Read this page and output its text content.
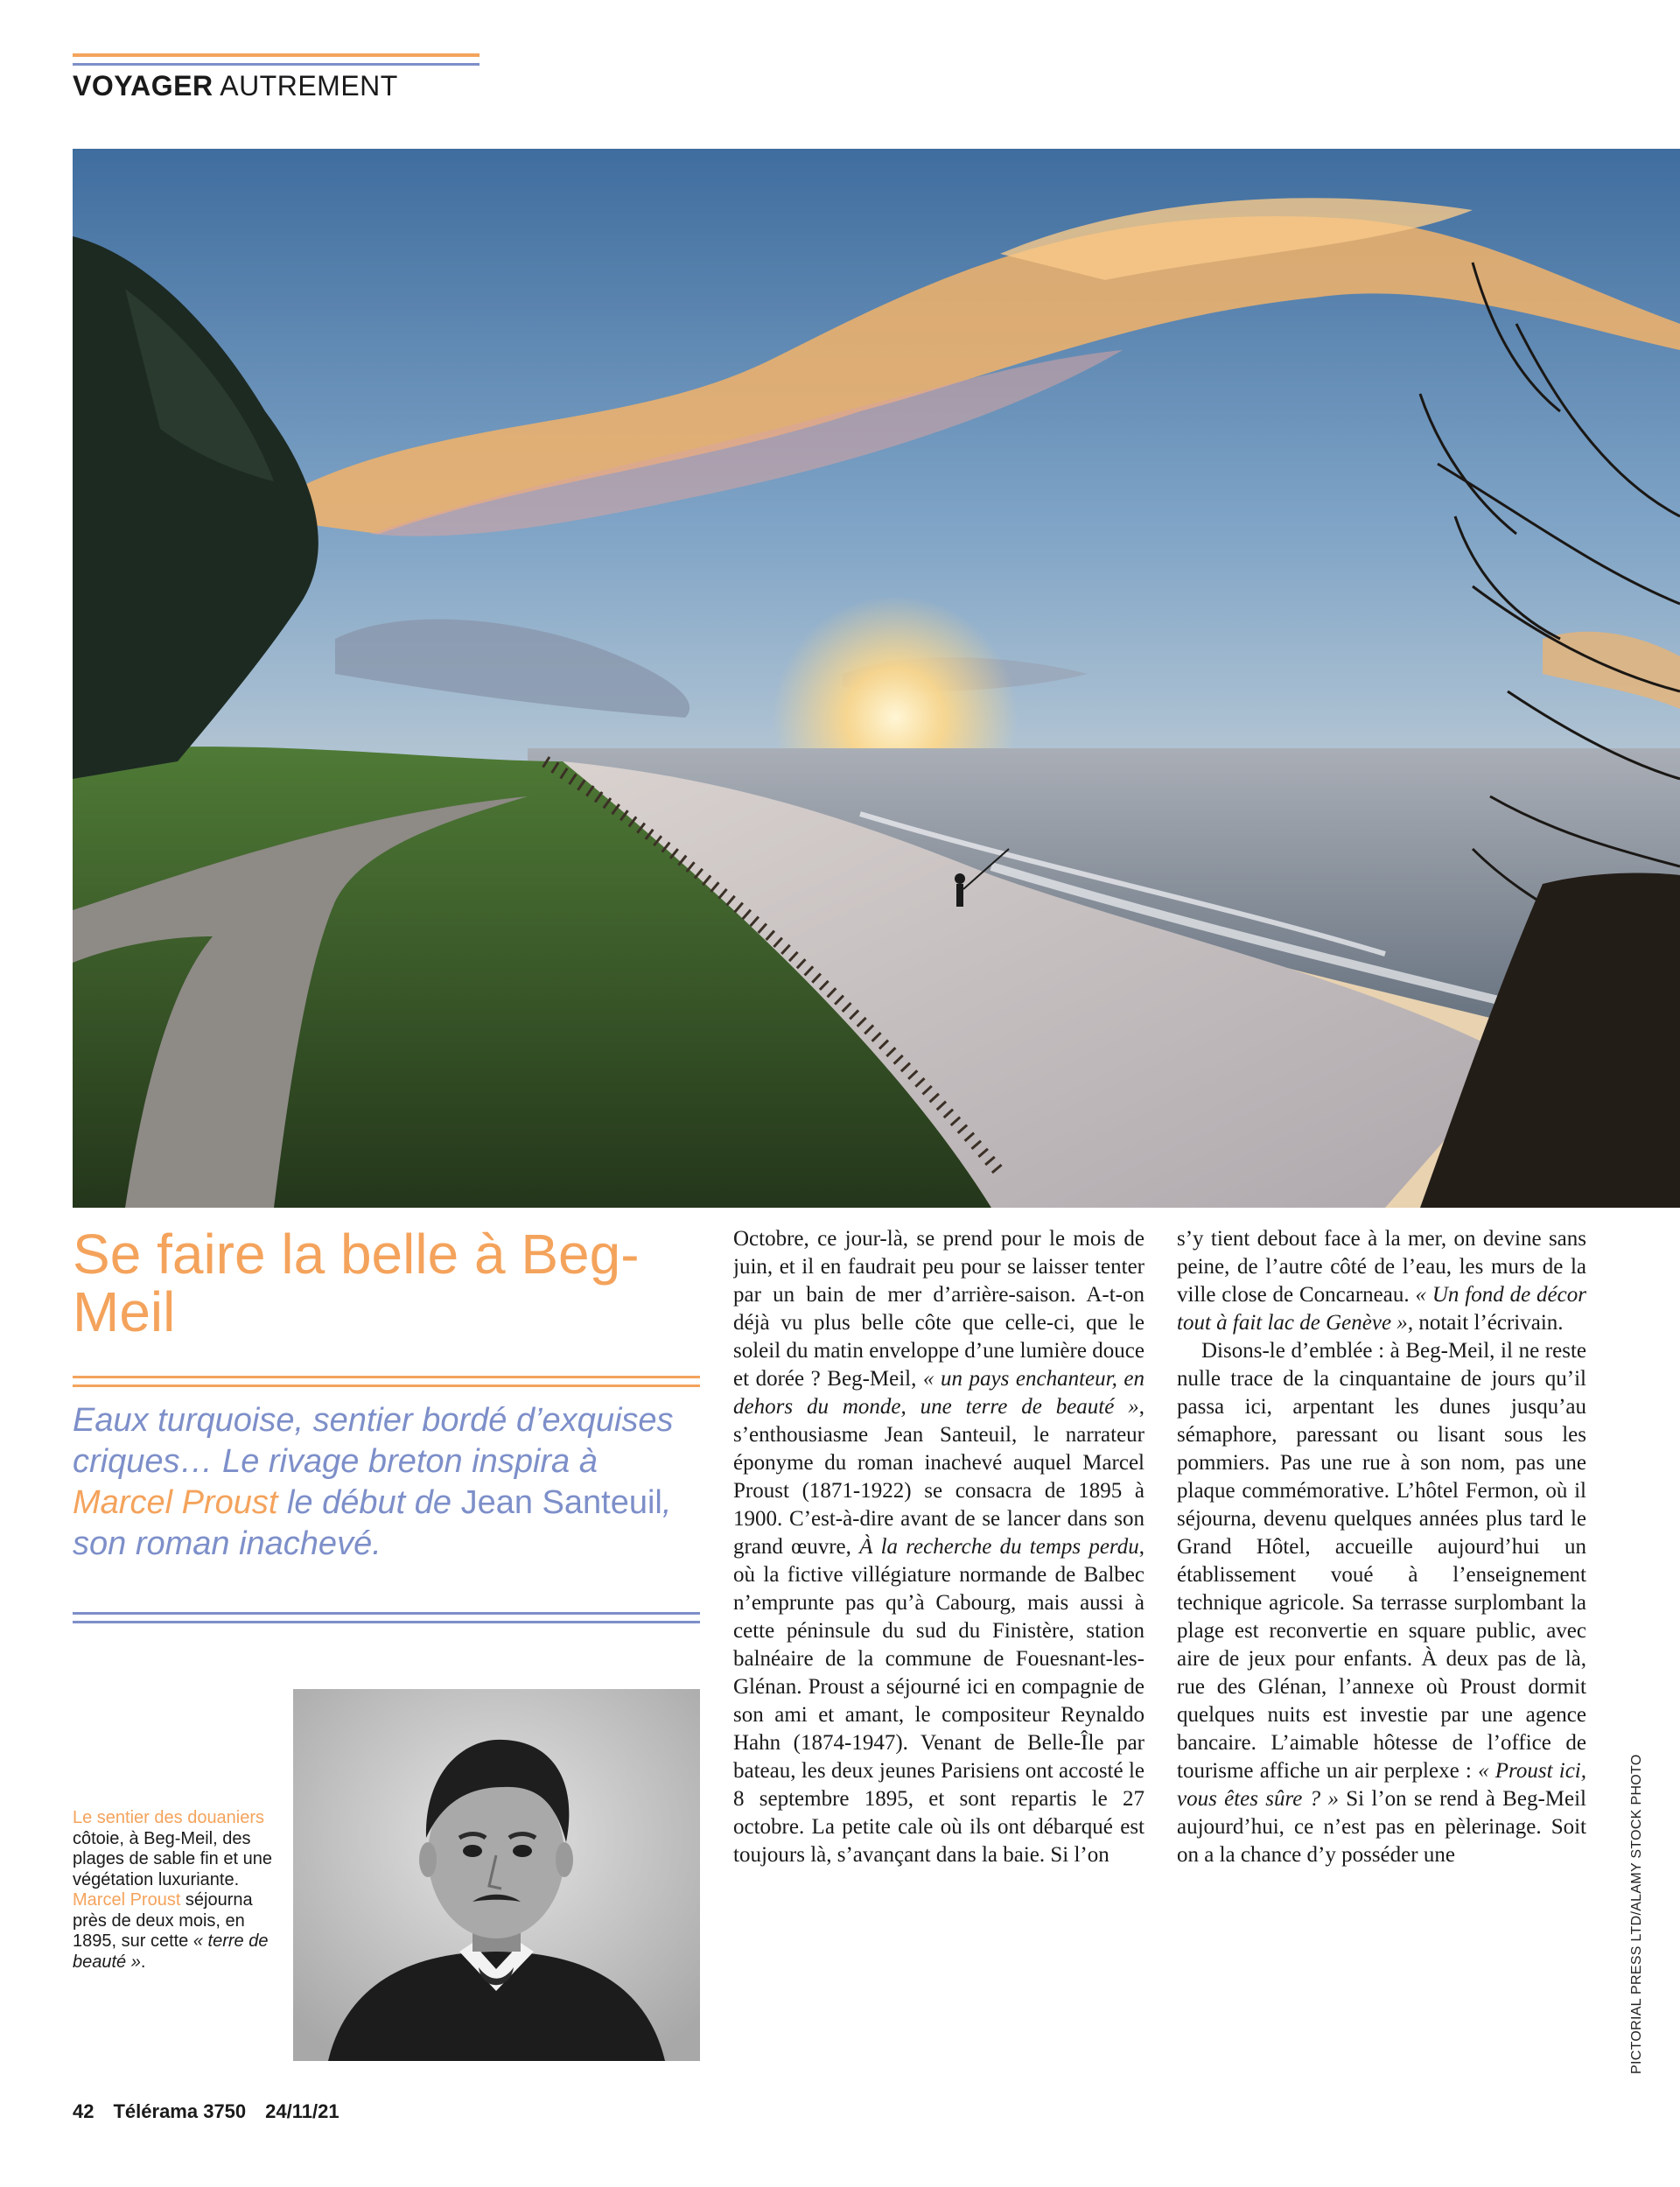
VOYAGER AUTREMENT
Se faire la belle à Beg-Meil

Eaux turquoise, sentier bordé d’exquises criques… Le rivage breton inspira à Marcel Proust le début de Jean Santeuil, son roman inachevé.

Le sentier des douaniers côtoie, à Beg-Meil, des plages de sable fin et une végétation luxuriante. Marcel Proust séjourna près de deux mois, en 1895, sur cette « terre de beauté ».

Octobre, ce jour-là, se prend pour le mois de juin, et il en faudrait peu pour se laisser tenter par un bain de mer d’arrière-saison. A-t-on déjà vu plus belle côte que celle-ci, que le soleil du matin enveloppe d’une lumière douce et dorée ? Beg-Meil, « un pays enchanteur, en dehors du monde, une terre de beauté », s’enthousiasme Jean Santeuil, le narrateur éponyme du roman inachevé auquel Marcel Proust (1871-1922) se consacra de 1895 à 1900. C’est-à-dire avant de se lancer dans son grand œuvre, À la recherche du temps perdu, où la fictive villégiature normande de Balbec n’emprunte pas qu’à Cabourg, mais aussi à cette péninsule du sud du Finistère, station balnéaire de la commune de Fouesnant-les-Glénan. Proust a séjourné ici en compagnie de son ami et amant, le compositeur Reynaldo Hahn (1874-1947). Venant de Belle-Île par bateau, les deux jeunes Parisiens ont accosté le 8 septembre 1895, et sont repartis le 27 octobre. La petite cale où ils ont débarqué est toujours là, s’avançant dans la baie. Si l’on

s’y tient debout face à la mer, on devine sans peine, de l’autre côté de l’eau, les murs de la ville close de Concarneau. « Un fond de décor tout à fait lac de Genève », notait l’écrivain.

Disons-le d’emblée : à Beg-Meil, il ne reste nulle trace de la cinquantaine de jours qu’il passa ici, arpentant les dunes jusqu’au sémaphore, paressant ou lisant sous les pommiers. Pas une rue à son nom, pas une plaque commémorative. L’hôtel Fermon, où il séjourna, devenu quelques années plus tard le Grand Hôtel, accueille aujourd’hui un établissement voué à l’enseignement technique agricole. Sa terrasse surplombant la plage est reconvertie en square public, avec aire de jeux pour enfants. À deux pas de là, rue des Glénan, l’annexe où Proust dormit quelques nuits est investie par une agence bancaire. L’aimable hôtesse de l’office de tourisme affiche un air perplexe : « Proust ici, vous êtes sûre ? » Si l’on se rend à Beg-Meil aujourd’hui, ce n’est pas en pèlerinage. Soit on a la chance d’y posséder une	PICTORIAL PRESS LTD/ALAMY STOCK PHOTO
42 Télérama 3750 24/11/21
